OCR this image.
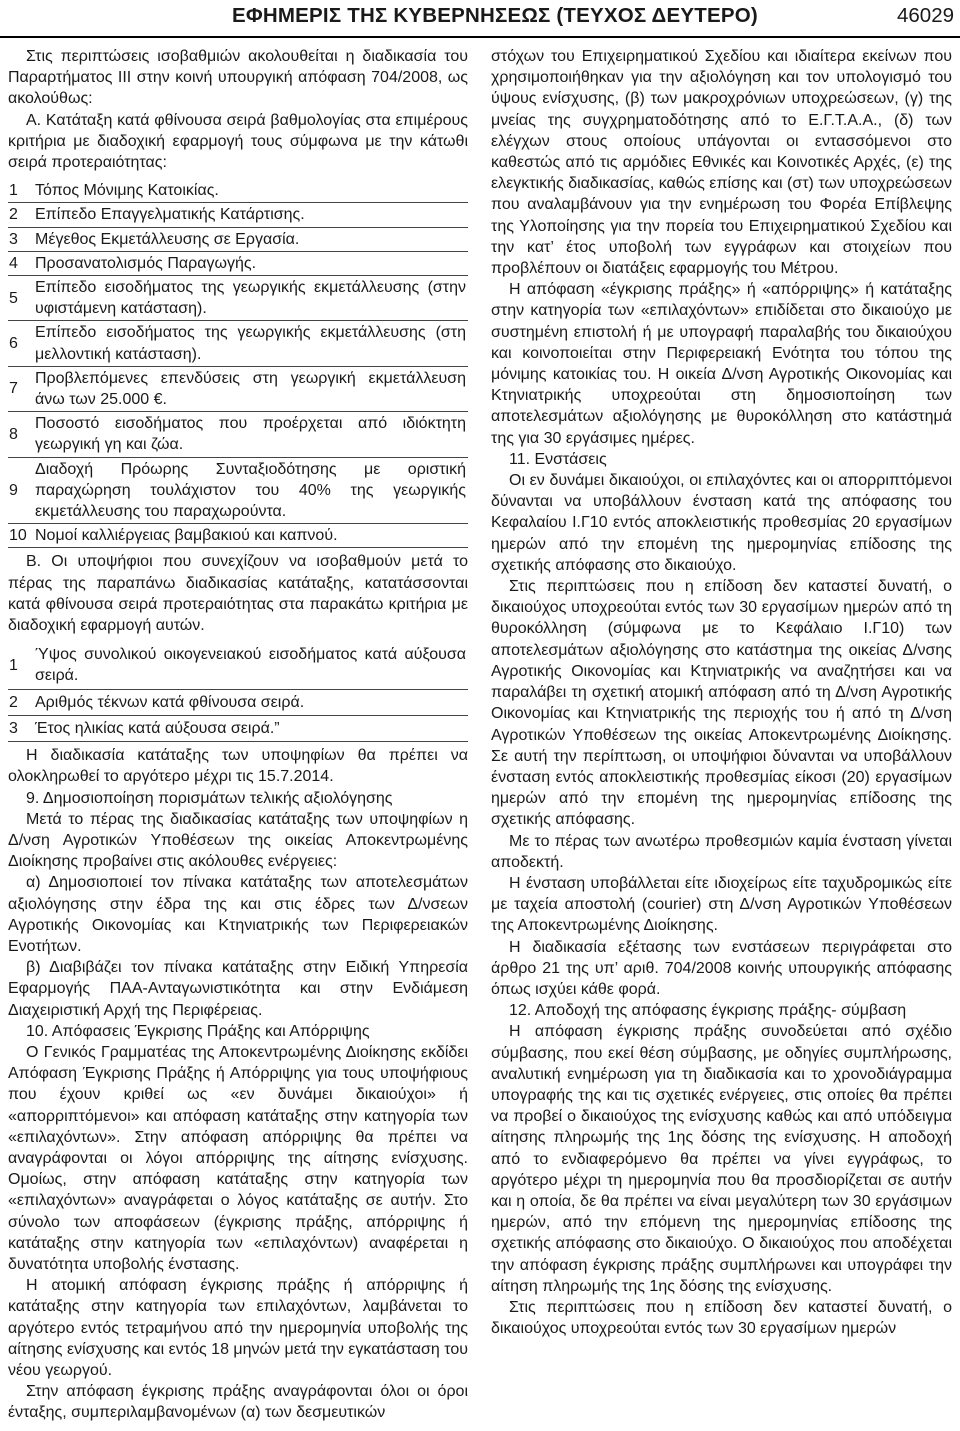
ΕΦΗΜΕΡΙΣ ΤΗΣ ΚΥΒΕΡΝΗΣΕΩΣ (ΤΕΥΧΟΣ ΔΕΥΤΕΡΟ)	46029

Στις περιπτώσεις ισοβαθμιών ακολουθείται η διαδικασία του Παραρτήματος ΙΙΙ στην κοινή υπουργική απόφαση 704/2008, ως ακολούθως:

Α. Κατάταξη κατά φθίνουσα σειρά βαθμολογίας στα επιμέρους κριτήρια με διαδοχική εφαρμογή τους σύμφωνα με την κάτωθι σειρά προτεραιότητας:

1	Τόπος Μόνιμης Κατοικίας.
2	Επίπεδο Επαγγελματικής Κατάρτισης.
3	Μέγεθος Εκμετάλλευσης σε Εργασία.
4	Προσανατολισμός Παραγωγής.
5	Επίπεδο εισοδήματος της γεωργικής εκμετάλλευσης (στην υφιστάμενη κατάσταση).
6	Επίπεδο εισοδήματος της γεωργικής εκμετάλλευσης (στη μελλοντική κατάσταση).
7	Προβλεπόμενες επενδύσεις στη γεωργική εκμετάλλευση άνω των 25.000 €.
8	Ποσοστό εισοδήματος που προέρχεται από ιδιόκτητη γεωργική γη και ζώα.
9	Διαδοχή Πρόωρης Συνταξιοδότησης με οριστική παραχώρηση τουλάχιστον του 40% της γεωργικής εκμετάλλευσης του παραχωρούντα.
10	Νομοί καλλιέργειας βαμβακιού και καπνού.

Β. Οι υποψήφιοι που συνεχίζουν να ισοβαθμούν μετά το πέρας της παραπάνω διαδικασίας κατάταξης, κατατάσσονται κατά φθίνουσα σειρά προτεραιότητας στα παρακάτω κριτήρια με διαδοχική εφαρμογή αυτών.

1	Ύψος συνολικού οικογενειακού εισοδήματος κατά αύξουσα σειρά.
2	Αριθμός τέκνων κατά φθίνουσα σειρά.
3	Έτος ηλικίας κατά αύξουσα σειρά.”

Η διαδικασία κατάταξης των υποψηφίων θα πρέπει να ολοκληρωθεί το αργότερο μέχρι τις 15.7.2014.

9. Δημοσιοποίηση πορισμάτων τελικής αξιολόγησης

Μετά το πέρας της διαδικασίας κατάταξης των υποψηφίων η Δ/νση Αγροτικών Υποθέσεων της οικείας Αποκεντρωμένης Διοίκησης προβαίνει στις ακόλουθες ενέργειες:

α) Δημοσιοποιεί τον πίνακα κατάταξης των αποτελεσμάτων αξιολόγησης στην έδρα της και στις έδρες των Δ/νσεων Αγροτικής Οικονομίας και Κτηνιατρικής των Περιφερειακών Ενοτήτων.

β) Διαβιβάζει τον πίνακα κατάταξης στην Ειδική Υπηρεσία Εφαρμογής ΠΑΑ-Ανταγωνιστικότητα και στην Ενδιάμεση Διαχειριστική Αρχή της Περιφέρειας.

10. Απόφασεις Έγκρισης Πράξης και Απόρριψης

Ο Γενικός Γραμματέας της Αποκεντρωμένης Διοίκησης εκδίδει Απόφαση Έγκρισης Πράξης ή Απόρριψης για τους υποψήφιους που έχουν κριθεί ως «εν δυνάμει δικαιούχοι» ή «απορριπτόμενοι» και απόφαση κατάταξης στην κατηγορία των «επιλαχόντων». Στην απόφαση απόρριψης θα πρέπει να αναγράφονται οι λόγοι απόρριψης της αίτησης ενίσχυσης. Ομοίως, στην απόφαση κατάταξης στην κατηγορία των «επιλαχόντων» αναγράφεται ο λόγος κατάταξης σε αυτήν. Στο σύνολο των αποφάσεων (έγκρισης πράξης, απόρριψης ή κατάταξης στην κατηγορία των «επιλαχόντων) αναφέρεται η δυνατότητα υποβολής ένστασης.

Η ατομική απόφαση έγκρισης πράξης ή απόρριψης ή κατάταξης στην κατηγορία των επιλαχόντων, λαμβάνεται το αργότερο εντός τετραμήνου από την ημερομηνία υποβολής της αίτησης ενίσχυσης και εντός 18 μηνών μετά την εγκατάσταση του νέου γεωργού.

Στην απόφαση έγκρισης πράξης αναγράφονται όλοι οι όροι ένταξης, συμπεριλαμβανομένων (α) των δεσμευτικών

στόχων του Επιχειρηματικού Σχεδίου και ιδιαίτερα εκείνων που χρησιμοποιήθηκαν για την αξιολόγηση και τον υπολογισμό του ύψους ενίσχυσης, (β) των μακροχρόνιων υποχρεώσεων, (γ) της μνείας της συγχρηματοδότησης από το Ε.Γ.Τ.Α.Α., (δ) των ελέγχων στους οποίους υπάγονται οι εντασσόμενοι στο καθεστώς από τις αρμόδιες Εθνικές και Κοινοτικές Αρχές, (ε) της ελεγκτικής διαδικασίας, καθώς επίσης και (στ) των υποχρεώσεων που αναλαμβάνουν για την ενημέρωση του Φορέα Επίβλεψης της Υλοποίησης για την πορεία του Επιχειρηματικού Σχεδίου και την κατ’ έτος υποβολή των εγγράφων και στοιχείων που προβλέπουν οι διατάξεις εφαρμογής του Μέτρου.

Η απόφαση «έγκρισης πράξης» ή «απόρριψης» ή κατάταξης στην κατηγορία των «επιλαχόντων» επιδίδεται στο δικαιούχο με συστημένη επιστολή ή με υπογραφή παραλαβής του δικαιούχου και κοινοποιείται στην Περιφερειακή Ενότητα του τόπου της μόνιμης κατοικίας του. Η οικεία Δ/νση Αγροτικής Οικονομίας και Κτηνιατρικής υποχρεούται στη δημοσιοποίηση των αποτελεσμάτων αξιολόγησης με θυροκόλληση στο κατάστημά της για 30 εργάσιμες ημέρες.

11. Ενστάσεις

Οι εν δυνάμει δικαιούχοι, οι επιλαχόντες και οι απορριπτόμενοι δύνανται να υποβάλλουν ένσταση κατά της απόφασης του Κεφαλαίου Ι.Γ10 εντός αποκλειστικής προθεσμίας 20 εργασίμων ημερών από την επομένη της ημερομηνίας επίδοσης της σχετικής απόφασης στο δικαιούχο.

Στις περιπτώσεις που η επίδοση δεν καταστεί δυνατή, ο δικαιούχος υποχρεούται εντός των 30 εργασίμων ημερών από τη θυροκόλληση (σύμφωνα με το Κεφάλαιο Ι.Γ10) των αποτελεσμάτων αξιολόγησης στο κατάστημα της οικείας Δ/νσης Αγροτικής Οικονομίας και Κτηνιατρικής να αναζητήσει και να παραλάβει τη σχετική ατομική απόφαση από τη Δ/νση Αγροτικής Οικονομίας και Κτηνιατρικής της περιοχής του ή από τη Δ/νση Αγροτικών Υποθέσεων της οικείας Αποκεντρωμένης Διοίκησης. Σε αυτή την περίπτωση, οι υποψήφιοι δύνανται να υποβάλλουν ένσταση εντός αποκλειστικής προθεσμίας είκοσι (20) εργασίμων ημερών από την επομένη της ημερομηνίας επίδοσης της σχετικής απόφασης.

Με το πέρας των ανωτέρω προθεσμιών καμία ένσταση γίνεται αποδεκτή.

Η ένσταση υποβάλλεται είτε ιδιοχείρως είτε ταχυδρομικώς είτε με ταχεία αποστολή (courier) στη Δ/νση Αγροτικών Υποθέσεων της Αποκεντρωμένης Διοίκησης.

Η διαδικασία εξέτασης των ενστάσεων περιγράφεται στο άρθρο 21 της υπ’ αριθ. 704/2008 κοινής υπουργικής απόφασης όπως ισχύει κάθε φορά.

12. Αποδοχή της απόφασης έγκρισης πράξης- σύμβαση

Η απόφαση έγκρισης πράξης συνοδεύεται από σχέδιο σύμβασης, που εκεί θέση σύμβασης, με οδηγίες συμπλήρωσης, αναλυτική ενημέρωση για τη διαδικασία και το χρονοδιάγραμμα υπογραφής της και τις σχετικές ενέργειες, στις οποίες θα πρέπει να προβεί ο δικαιούχος της ενίσχυσης καθώς και από υπόδειγμα αίτησης πληρωμής της 1ης δόσης της ενίσχυσης. Η αποδοχή από το ενδιαφερόμενο θα πρέπει να γίνει εγγράφως, το αργότερο μέχρι τη ημερομηνία που θα προσδιορίζεται σε αυτήν και η οποία, δε θα πρέπει να είναι μεγαλύτερη των 30 εργάσιμων ημερών, από την επόμενη της ημερομηνίας επίδοσης της σχετικής απόφασης στο δικαιούχο. Ο δικαιούχος που αποδέχεται την απόφαση έγκρισης πράξης συμπλήρωνει και υπογράφει την αίτηση πληρωμής της 1ης δόσης της ενίσχυσης.

Στις περιπτώσεις που η επίδοση δεν καταστεί δυνατή, ο δικαιούχος υποχρεούται εντός των 30 εργασίμων ημερών
